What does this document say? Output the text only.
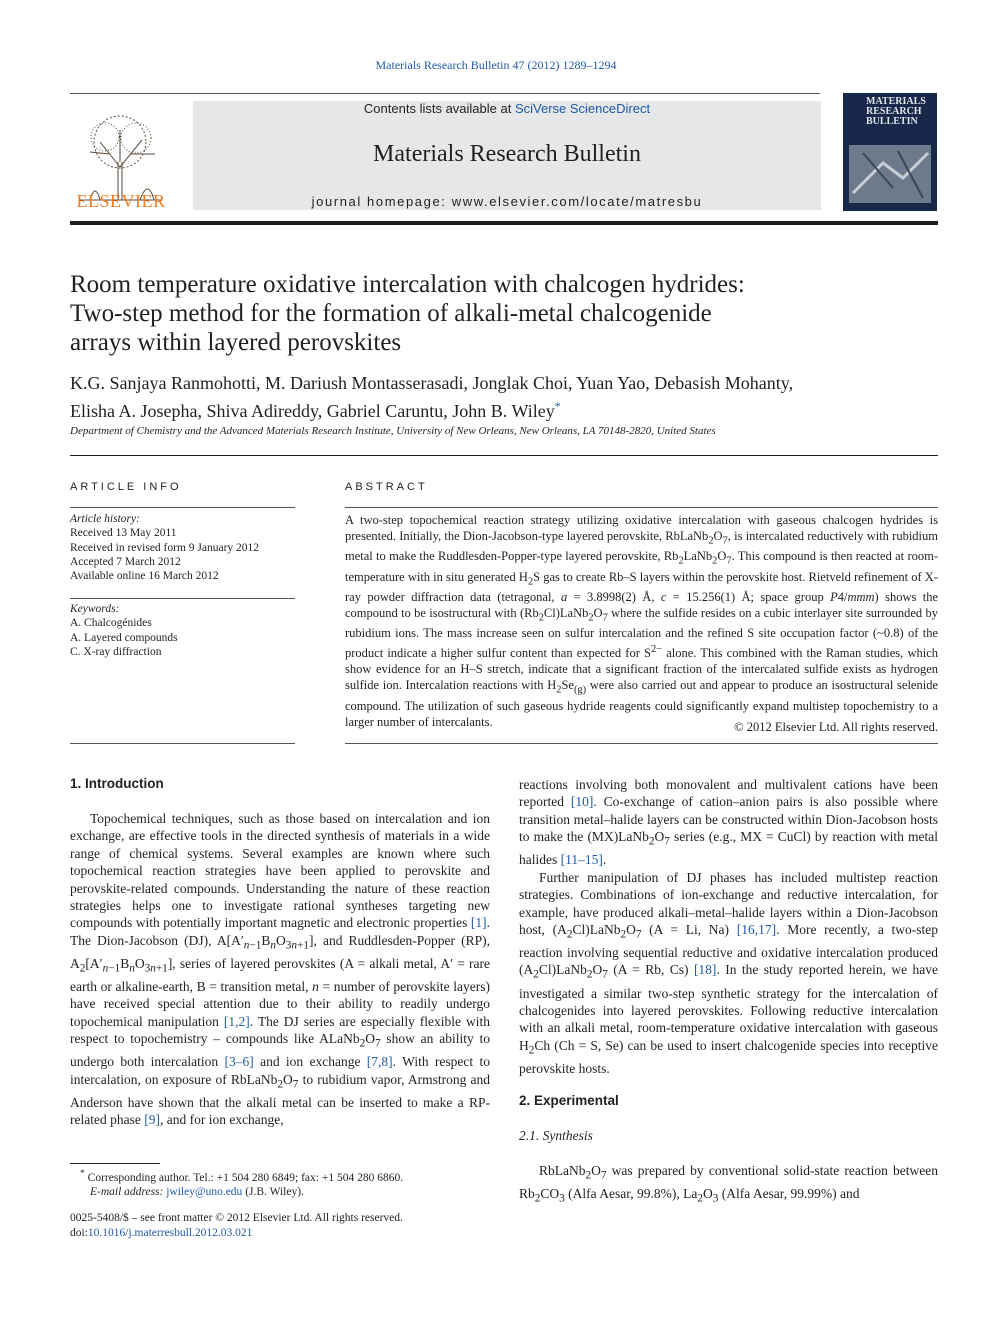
Materials Research Bulletin 47 (2012) 1289–1294
ELSEVIER
Contents lists available at SciVerse ScienceDirect
Materials Research Bulletin
journal homepage: www.elsevier.com/locate/matresbu
MATERIALS
RESEARCH
BULLETIN
Room temperature oxidative intercalation with chalcogen hydrides:
Two-step method for the formation of alkali-metal chalcogenide
arrays within layered perovskites
K.G. Sanjaya Ranmohotti, M. Dariush Montasserasadi, Jonglak Choi, Yuan Yao, Debasish Mohanty,
Elisha A. Josepha, Shiva Adireddy, Gabriel Caruntu, John B. Wiley*
Department of Chemistry and the Advanced Materials Research Institute, University of New Orleans, New Orleans, LA 70148-2820, United States
ARTICLE INFO
Article history:
Received 13 May 2011
Received in revised form 9 January 2012
Accepted 7 March 2012
Available online 16 March 2012
Keywords:
A. Chalcogénides
A. Layered compounds
C. X-ray diffraction
ABSTRACT
A two-step topochemical reaction strategy utilizing oxidative intercalation with gaseous chalcogen hydrides is presented. Initially, the Dion-Jacobson-type layered perovskite, $RbLaNb_2O_7$, is intercalated reductively with rubidium metal to make the Ruddlesden-Popper-type layered perovskite, $Rb_2LaNb_2O_7$. This compound is then reacted at room-temperature with in situ generated $H_2S$ gas to create Rb–S layers within the perovskite host. Rietveld refinement of X-ray powder diffraction data (tetragonal, a = 3.8998(2) Å, c = 15.256(1) Å; space group P4/mmm) shows the compound to be isostructural with $(Rb_2Cl)LaNb_2O_7$ where the sulfide resides on a cubic interlayer site surrounded by rubidium ions. The mass increase seen on sulfur intercalation and the refined S site occupation factor (~0.8) of the product indicate a higher sulfur content than expected for $S^{2-}$ alone. This combined with the Raman studies, which show evidence for an H–S stretch, indicate that a significant fraction of the intercalated sulfide exists as hydrogen sulfide ion. Intercalation reactions with $H_2Se_{(g)}$ were also carried out and appear to produce an isostructural selenide compound. The utilization of such gaseous hydride reagents could significantly expand multistep topochemistry to a larger number of intercalants.	© 2012 Elsevier Ltd. All rights reserved.
1. Introduction
Topochemical techniques, such as those based on intercalation and ion exchange, are effective tools in the directed synthesis of materials in a wide range of chemical systems. Several examples are known where such topochemical reaction strategies have been applied to perovskite and perovskite-related compounds. Understanding the nature of these reaction strategies helps one to investigate rational syntheses targeting new compounds with potentially important magnetic and electronic properties [1]. The Dion-Jacobson (DJ), $A[A'_{n-1}B_nO_{3n+1}]$, and Ruddlesden-Popper (RP), $A_2[A'_{n-1}B_nO_{3n+1}]$, series of layered perovskites (A = alkali metal, A′ = rare earth or alkaline-earth, B = transition metal, n = number of perovskite layers) have received special attention due to their ability to readily undergo topochemical manipulation [1,2]. The DJ series are especially flexible with respect to topochemistry – compounds like $ALaNb_2O_7$ show an ability to undergo both intercalation [3–6] and ion exchange [7,8]. With respect to intercalation, on exposure of $RbLaNb_2O_7$ to rubidium vapor, Armstrong and Anderson have shown that the alkali metal can be inserted to make a RP-related phase [9], and for ion exchange,
reactions involving both monovalent and multivalent cations have been reported [10]. Co-exchange of cation–anion pairs is also possible where transition metal–halide layers can be constructed within Dion-Jacobson hosts to make the $(MX)LaNb_2O_7$ series (e.g., MX = CuCl) by reaction with metal halides [11–15].
Further manipulation of DJ phases has included multistep reaction strategies. Combinations of ion-exchange and reductive intercalation, for example, have produced alkali–metal–halide layers within a Dion-Jacobson host, $(A_2Cl)LaNb_2O_7$ (A = Li, Na) [16,17]. More recently, a two-step reaction involving sequential reductive and oxidative intercalation produced $(A_2Cl)LaNb_2O_7$ (A = Rb, Cs) [18]. In the study reported herein, we have investigated a similar two-step synthetic strategy for the intercalation of chalcogenides into layered perovskites. Following reductive intercalation with an alkali metal, room-temperature oxidative intercalation with gaseous $H_2Ch$ (Ch = S, Se) can be used to insert chalcogenide species into receptive perovskite hosts.
2. Experimental
2.1. Synthesis
$RbLaNb_2O_7$ was prepared by conventional solid-state reaction between $Rb_2CO_3$ (Alfa Aesar, 99.8%), $La_2O_3$ (Alfa Aesar, 99.99%) and
* Corresponding author. Tel.: +1 504 280 6849; fax: +1 504 280 6860.
E-mail address: jwiley@uno.edu (J.B. Wiley).
0025-5408/$ – see front matter © 2012 Elsevier Ltd. All rights reserved.
doi:10.1016/j.materresbull.2012.03.021
